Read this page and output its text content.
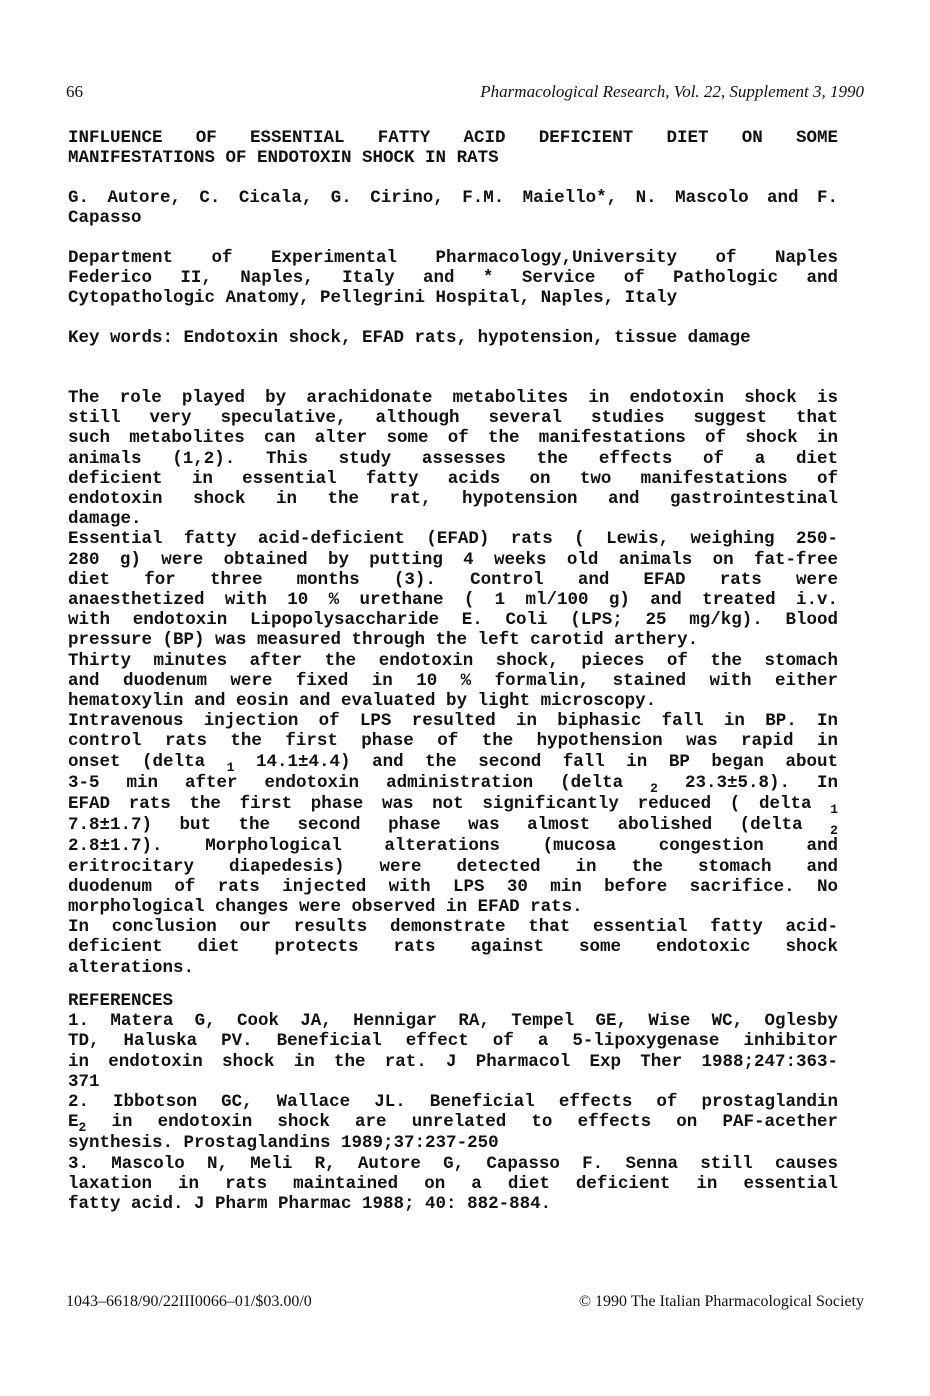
66	Pharmacological Research, Vol. 22, Supplement 3, 1990
INFLUENCE OF ESSENTIAL FATTY ACID DEFICIENT DIET ON SOME
MANIFESTATIONS OF ENDOTOXIN SHOCK IN RATS
G. Autore, C. Cicala, G. Cirino, F.M. Maiello*, N. Mascolo and F.
Capasso
Department of Experimental Pharmacology,University of Naples
Federico II, Naples, Italy and * Service of Pathologic and
Cytopathologic Anatomy, Pellegrini Hospital, Naples, Italy
Key words: Endotoxin shock, EFAD rats, hypotension, tissue damage
The role played by arachidonate metabolites in endotoxin shock is
still very speculative, although several studies suggest that
such metabolites can alter some of the manifestations of shock in
animals (1,2). This study assesses the effects of a diet
deficient in essential fatty acids on two manifestations of
endotoxin shock in the rat, hypotension and gastrointestinal
damage.
Essential fatty acid-deficient (EFAD) rats ( Lewis, weighing 250-
280 g) were obtained by putting 4 weeks old animals on fat-free
diet for three months (3). Control and EFAD rats were
anaesthetized with 10 % urethane ( 1 ml/100 g) and treated i.v.
with endotoxin Lipopolysaccharide E. Coli (LPS; 25 mg/kg). Blood
pressure (BP) was measured through the left carotid arthery.
Thirty minutes after the endotoxin shock, pieces of the stomach
and duodenum were fixed in 10 % formalin, stained with either
hematoxylin and eosin and evaluated by light microscopy.
Intravenous injection of LPS resulted in biphasic fall in BP. In
control rats the first phase of the hypothension was rapid in
onset (delta $_1$ 14.1±4.4) and the second fall in BP began about
3-5 min after endotoxin administration (delta $_2$ 23.3±5.8). In
EFAD rats the first phase was not significantly reduced ( delta $_1$
7.8±1.7) but the second phase was almost abolished (delta $_2$
2.8±1.7). Morphological alterations (mucosa congestion and
eritrocitary diapedesis) were detected in the stomach and
duodenum of rats injected with LPS 30 min before sacrifice. No
morphological changes were observed in EFAD rats.
In conclusion our results demonstrate that essential fatty acid-
deficient diet protects rats against some endotoxic shock
alterations.
REFERENCES
1. Matera G, Cook JA, Hennigar RA, Tempel GE, Wise WC, Oglesby
TD, Haluska PV. Beneficial effect of a 5-lipoxygenase inhibitor
in endotoxin shock in the rat. J Pharmacol Exp Ther 1988;247:363-
371
2. Ibbotson GC, Wallace JL. Beneficial effects of prostaglandin
$E_2$ in endotoxin shock are unrelated to effects on PAF-acether
synthesis. Prostaglandins 1989;37:237-250
3. Mascolo N, Meli R, Autore G, Capasso F. Senna still causes
laxation in rats maintained on a diet deficient in essential
fatty acid. J Pharm Pharmac 1988; 40: 882-884.
1043–6618/90/22III0066–01/$03.00/0	© 1990 The Italian Pharmacological Society
